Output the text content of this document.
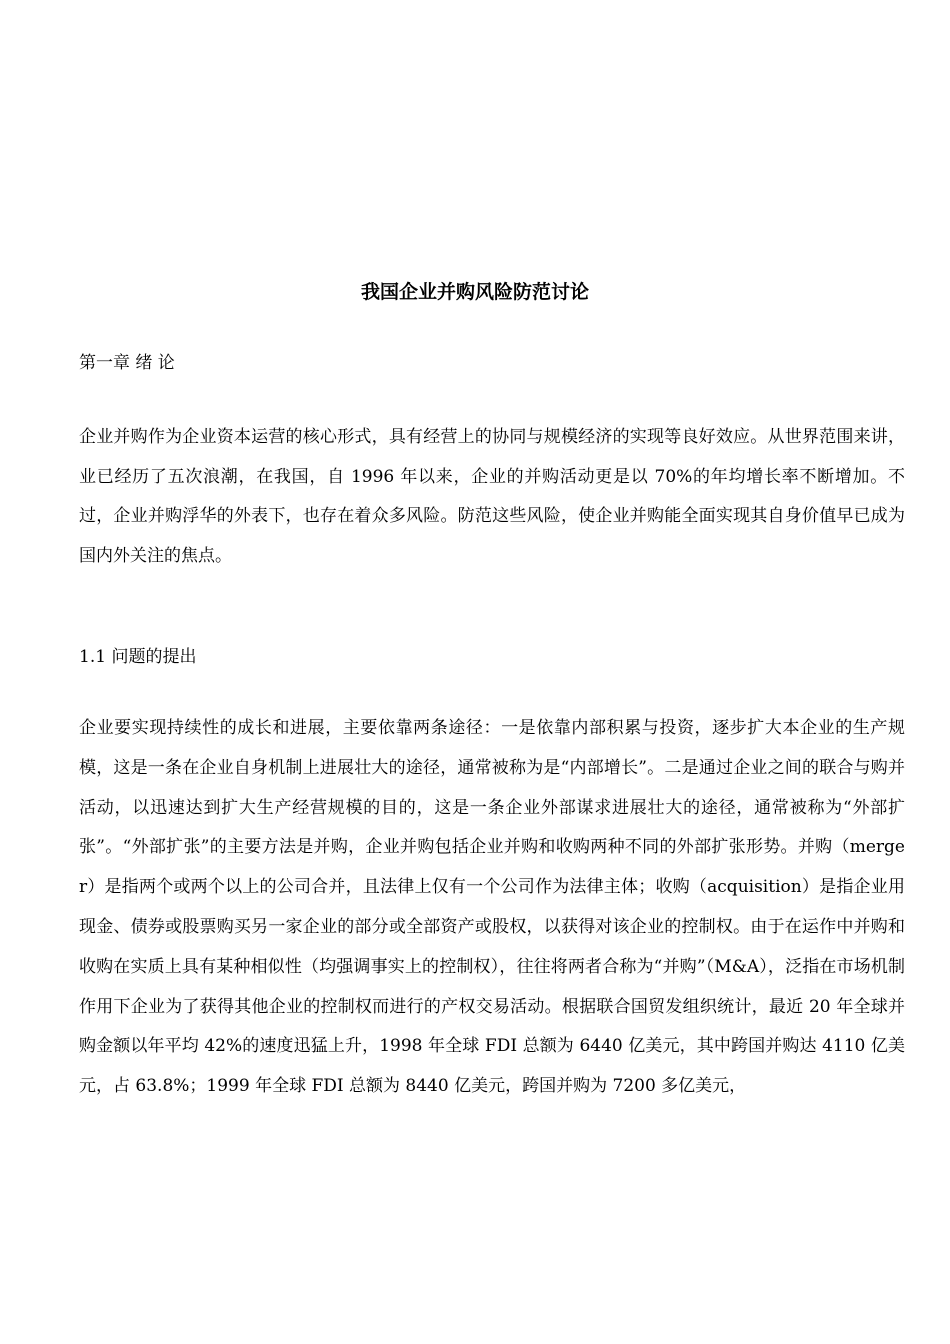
我国企业并购风险防范讨论
第一章 绪 论
企业并购作为企业资本运营的核心形式，具有经营上的协同与规模经济的实现等良好效应。从世界范围来讲，业已经历了五次浪潮，在我国，自 1996 年以来，企业的并购活动更是以 70%的年均增长率不断增加。不过，企业并购浮华的外表下，也存在着众多风险。防范这些风险，使企业并购能全面实现其自身价值早已成为国内外关注的焦点。
1.1 问题的提出
企业要实现持续性的成长和进展，主要依靠两条途径：一是依靠内部积累与投资，逐步扩大本企业的生产规模，这是一条在企业自身机制上进展壮大的途径，通常被称为是“内部增长”。二是通过企业之间的联合与购并活动，以迅速达到扩大生产经营规模的目的，这是一条企业外部谋求进展壮大的途径，通常被称为“外部扩张”。“外部扩张”的主要方法是并购，企业并购包括企业并购和收购两种不同的外部扩张形势。并购（merger）是指两个或两个以上的公司合并，且法律上仅有一个公司作为法律主体；收购（acquisition）是指企业用现金、债券或股票购买另一家企业的部分或全部资产或股权，以获得对该企业的控制权。由于在运作中并购和收购在实质上具有某种相似性（均强调事实上的控制权），往往将两者合称为“并购”（M&A），泛指在市场机制作用下企业为了获得其他企业的控制权而进行的产权交易活动。根据联合国贸发组织统计，最近 20 年全球并购金额以年平均 42%的速度迅猛上升，1998 年全球 FDI 总额为 6440 亿美元，其中跨国并购达 4110 亿美元，占 63.8%；1999 年全球 FDI 总额为 8440 亿美元，跨国并购为 7200 多亿美元，
